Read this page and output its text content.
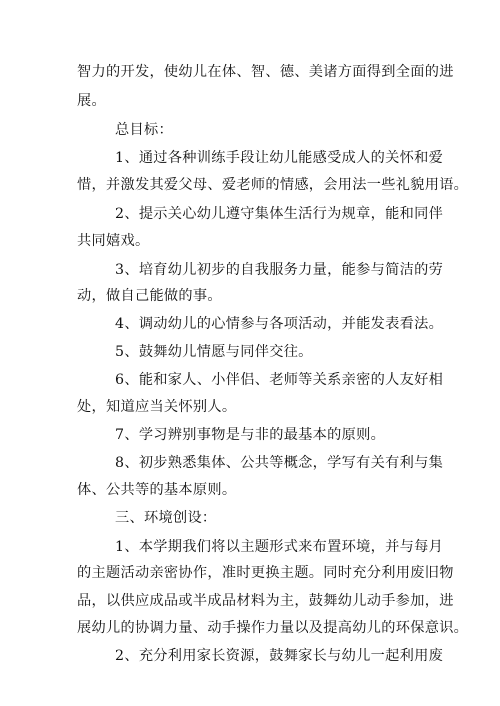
智力的开发，使幼儿在体、智、德、美诸方面得到全面的进
展。
总目标：
1、通过各种训练手段让幼儿能感受成人的关怀和爱
惜，并激发其爱父母、爱老师的情感，会用法一些礼貌用语。
2、提示关心幼儿遵守集体生活行为规章，能和同伴
共同嬉戏。
3、培育幼儿初步的自我服务力量，能参与简洁的劳
动，做自己能做的事。
4、调动幼儿的心情参与各项活动，并能发表看法。
5、鼓舞幼儿情愿与同伴交往。
6、能和家人、小伴侣、老师等关系亲密的人友好相
处，知道应当关怀别人。
7、学习辨别事物是与非的最基本的原则。
8、初步熟悉集体、公共等概念，学写有关有利与集
体、公共等的基本原则。
三、环境创设：
1、本学期我们将以主题形式来布置环境，并与每月
的主题活动亲密协作，准时更换主题。同时充分利用废旧物
品，以供应成品或半成品材料为主，鼓舞幼儿动手参加，进
展幼儿的协调力量、动手操作力量以及提高幼儿的环保意识。
2、充分利用家长资源，鼓舞家长与幼儿一起利用废
